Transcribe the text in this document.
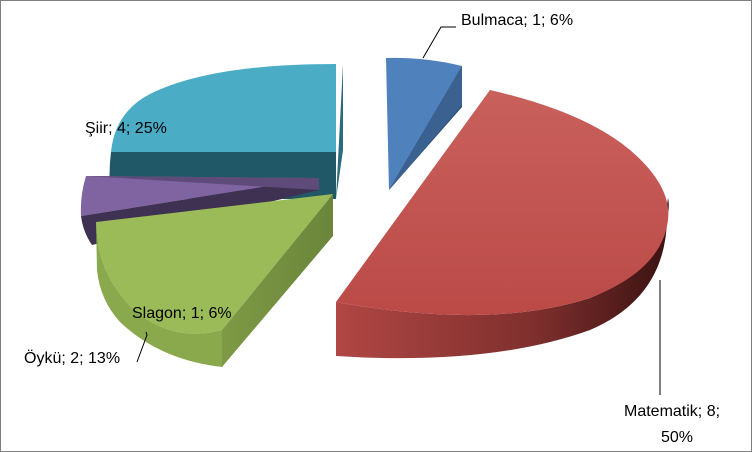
Bulmaca; 1; 6%
Şiir; 4; 25%
Slagon; 1; 6%
Öykü; 2; 13%
Matematik; 8;
50%
